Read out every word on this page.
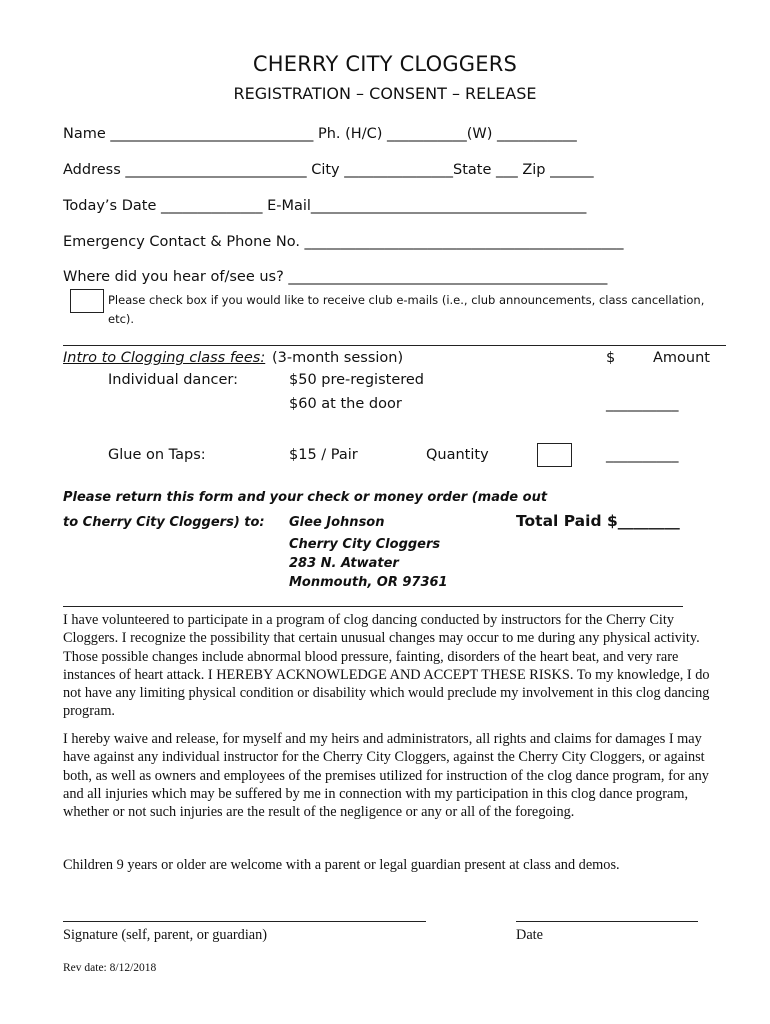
CHERRY CITY CLOGGERS
REGISTRATION – CONSENT – RELEASE
Name ____________________________ Ph. (H/C) ___________(W) ___________
Address _________________________ City _______________State ___ Zip ______
Today’s Date ______________ E-Mail______________________________________
Emergency Contact & Phone No. ____________________________________________
Where did you hear of/see us? ____________________________________________
Please check box if you would like to receive club e-mails (i.e., club announcements, class cancellation, etc).
Intro to Clogging class fees: (3-month session)	$	Amount
Individual dancer:	$50 pre-registered
$60 at the door	__________
Glue on Taps:	$15 / Pair	Quantity	__________
Please return this form and your check or money order (made out
to Cherry City Cloggers) to: Glee Johnson
Cherry City Cloggers
283 N. Atwater
Monmouth, OR 97361
Total Paid $________
I have volunteered to participate in a program of clog dancing conducted by instructors for the Cherry City Cloggers. I recognize the possibility that certain unusual changes may occur to me during any physical activity. Those possible changes include abnormal blood pressure, fainting, disorders of the heart beat, and very rare instances of heart attack. I HEREBY ACKNOWLEDGE AND ACCEPT THESE RISKS. To my knowledge, I do not have any limiting physical condition or disability which would preclude my involvement in this clog dancing program.
I hereby waive and release, for myself and my heirs and administrators, all rights and claims for damages I may have against any individual instructor for the Cherry City Cloggers, against the Cherry City Cloggers, or against both, as well as owners and employees of the premises utilized for instruction of the clog dance program, for any and all injuries which may be suffered by me in connection with my participation in this clog dance program, whether or not such injuries are the result of the negligence or any or all of the foregoing.
Children 9 years or older are welcome with a parent or legal guardian present at class and demos.
Signature (self, parent, or guardian)	Date
Rev date: 8/12/2018
